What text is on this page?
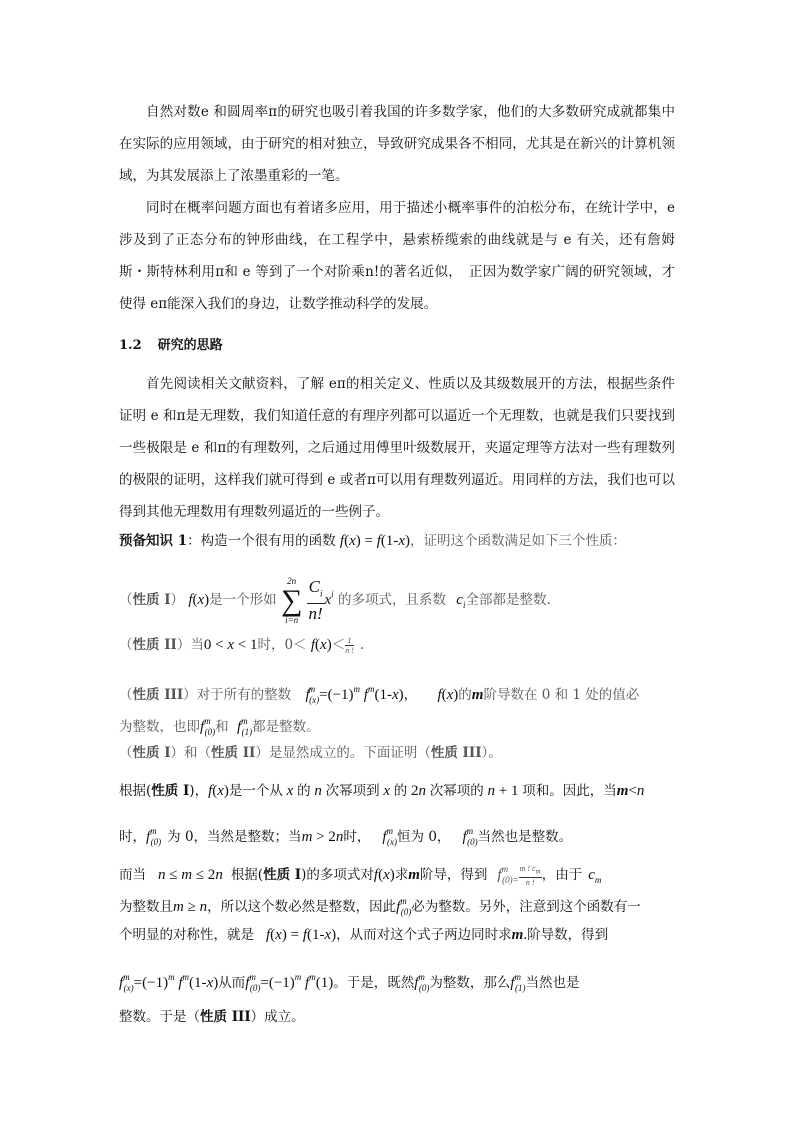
自然对数e 和圆周率π的研究也吸引着我国的许多数学家，他们的大多数研究成就都集中在实际的应用领域，由于研究的相对独立，导致研究成果各不相同，尤其是在新兴的计算机领域，为其发展添上了浓墨重彩的一笔。

同时在概率问题方面也有着诸多应用，用于描述小概率事件的泊松分布，在统计学中，e 涉及到了正态分布的钟形曲线，在工程学中，悬索桥缆索的曲线就是与 e 有关，还有詹姆斯・斯特林利用π和 e 等到了一个对阶乘n!的著名近似，　正因为数学家广阔的研究领域，才使得 eπ能深入我们的身边，让数学推动科学的发展。

1.2 研究的思路

首先阅读相关文献资料，了解 eπ的相关定义、性质以及其级数展开的方法，根据些条件证明 e 和π是无理数，我们知道任意的有理序列都可以逼近一个无理数，也就是我们只要找到一些极限是 e 和π的有理数列，之后通过用傅里叶级数展开，夹逼定理等方法对一些有理数列的极限的证明，这样我们就可得到 e 或者π可以用有理数列逼近。用同样的方法，我们也可以得到其他无理数用有理数列逼近的一些例子。

预备知识 1：构造一个很有用的函数 f(x) = f(1-x)，证明这个函数满足如下三个性质：
（性质 I） f(x)是一个形如
2n
∑
i=n
$\frac{C_i}{n!} x^i$ 的多项式，且系数 $c_i$全部都是整数.
（性质 II）当0 < x < 1时，$0< f(x)< \frac{1}{n !}$ .
（性质 III）对于所有的整数 $f^m_{(x)}=(-1)^m$ $f^m(1-x)$， f(x)的m阶导数在 0 和 1 处的值必
为整数，也即$f^m_{(0)}$和 $f^m_{(1)}$都是整数。
（性质 I）和（性质 II）是显然成立的。下面证明（性质 III）。
根据(性质 I)，f(x)是一个从 x 的 n 次幂项到 x 的 2n 次幂项的 n + 1 项和。因此，当m<n
时，$f^m_{(0)}$ 为 0，当然是整数；当m > 2n时， $f^m_{(x)}$恒为 0， $f^m_{(0)}$当然也是整数。
而当 n ≤ m ≤ 2n 根据(性质 I)的多项式对f(x)求m阶导，得到 $f^m_{(0)=} \frac{m ! c_m}{n !}$ ，由于 $c_m$
为整数且m ≥ n，所以这个数必然是整数，因此$f^m_{(0)}$必为整数。另外，注意到这个函数有一
个明显的对称性，就是 f(x) = f(1-x)，从而对这个式子两边同时求m.阶导数，得到
$f^m_{(x)}=(-1)^m$ $f^m(1-x)$从而$f^m_{(0)}=(-1)^m$ $f^m(1)$。于是，既然$f^m_{(0)}$为整数，那么$f^m_{(1)}$当然也是
整数。于是（性质 III）成立。
